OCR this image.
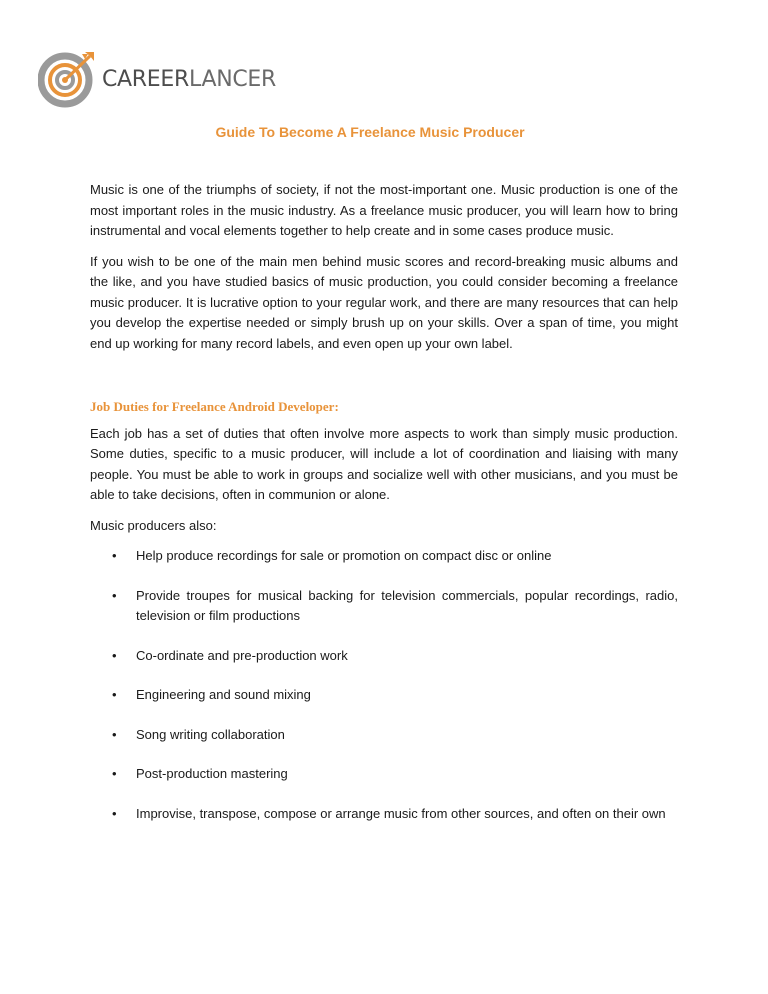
CAREERLANCER
Guide To Become A Freelance Music Producer

Music is one of the triumphs of society, if not the most-important one. Music production is one of the most important roles in the music industry. As a freelance music producer, you will learn how to bring instrumental and vocal elements together to help create and in some cases produce music.

If you wish to be one of the main men behind music scores and record-breaking music albums and the like, and you have studied basics of music production, you could consider becoming a freelance music producer. It is lucrative option to your regular work, and there are many resources that can help you develop the expertise needed or simply brush up on your skills. Over a span of time, you might end up working for many record labels, and even open up your own label.

Job Duties for Freelance Android Developer:

Each job has a set of duties that often involve more aspects to work than simply music production. Some duties, specific to a music producer, will include a lot of coordination and liaising with many people. You must be able to work in groups and socialize well with other musicians, and you must be able to take decisions, often in communion or alone.

Music producers also:

• Help produce recordings for sale or promotion on compact disc or online
• Provide troupes for musical backing for television commercials, popular recordings, radio, television or film productions
• Co-ordinate and pre-production work
• Engineering and sound mixing
• Song writing collaboration
• Post-production mastering
• Improvise, transpose, compose or arrange music from other sources, and often on their own
